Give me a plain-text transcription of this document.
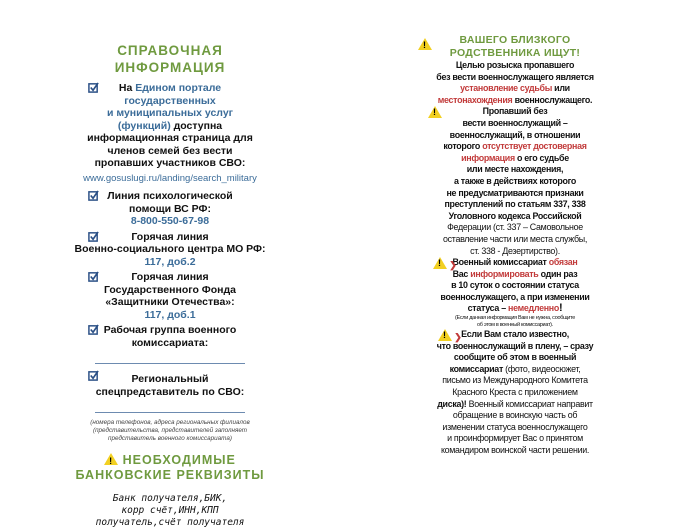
СПРАВОЧНАЯ
ИНФОРМАЦИЯ
На Едином портале
государственных
и муниципальных услуг
(функций) доступна
информационная страница для
членов семей без вести
пропавших участников СВО:
www.gosuslugi.ru/landing/search_military
Линия психологической
помощи ВС РФ:
8-800-550-67-98
Горячая линия
Военно-социального центра МО РФ:
117, доб.2
Горячая линия
Государственного Фонда
«Защитники Отечества»:
117, доб.1
Рабочая группа военного
комиссариата:
Региональный
спецпредставитель по СВО:
(номера телефонов, адреса региональных филиалов
(представительства, представителей заполняет
представитель военного комиссариата)
! НЕОБХОДИМЫЕ
БАНКОВСКИЕ РЕКВИЗИТЫ
Банк получателя,БИК,
корр счёт,ИНН,КПП
получатель,счёт получателя
!
ВАШЕГО БЛИЗКОГО
РОДСТВЕННИКА ИЩУТ!
Целью розыска пропавшего
без вести военнослужащего является
установление судьбы или
местонахождения военнослужащего.
!
Пропавший без
вести военнослужащий –
военнослужащий, в отношении
которого отсутствует достоверная
информация о его судьбе
или месте нахождения,
а также в действиях которого
не предусматриваются признаки
преступлений по статьям 337, 338
Уголовного кодекса Российской
Федерации (ст. 337 – Самовольное
оставление части или места службы,
ст. 338 - Дезертирство).
! ❯
Военный комиссариат обязан
Вас информировать один раз
в 10 суток о состоянии статуса
военнослужащего, а при изменении
статуса – немедленно!
(Если данная информация Вам не нужна, сообщите
об этом в военный комиссариат).
! ❯ Если Вам стало известно,
что военнослужащий в плену, – сразу
сообщите об этом в военный
комиссариат (фото, видеосюжет,
письмо из Международного Комитета
Красного Креста с приложением
диска)! Военный комиссариат направит
обращение в воинскую часть об
изменении статуса военнослужащего
и проинформирует Вас о принятом
командиром воинской части решении.
